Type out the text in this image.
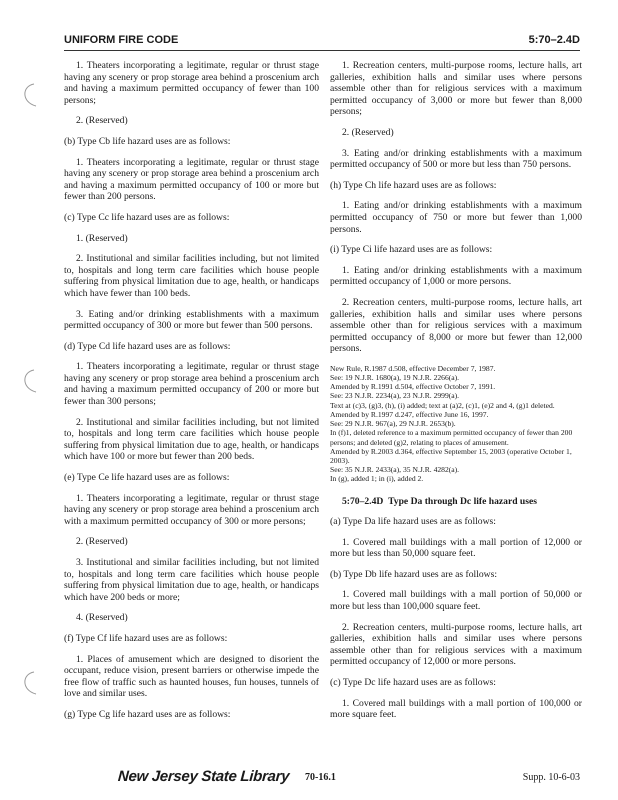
UNIFORM FIRE CODE	5:70–2.4D

1. Theaters incorporating a legitimate, regular or thrust stage having any scenery or prop storage area behind a proscenium arch and having a maximum permitted occupancy of fewer than 100 persons;

2. (Reserved)

(b) Type Cb life hazard uses are as follows:

1. Theaters incorporating a legitimate, regular or thrust stage having any scenery or prop storage area behind a proscenium arch and having a maximum permitted occupancy of 100 or more but fewer than 200 persons.

(c) Type Cc life hazard uses are as follows:

1. (Reserved)

2. Institutional and similar facilities including, but not limited to, hospitals and long term care facilities which house people suffering from physical limitation due to age, health, or handicaps which have fewer than 100 beds.

3. Eating and/or drinking establishments with a maximum permitted occupancy of 300 or more but fewer than 500 persons.

(d) Type Cd life hazard uses are as follows:

1. Theaters incorporating a legitimate, regular or thrust stage having any scenery or prop storage area behind a proscenium arch and having a maximum permitted occupancy of 200 or more but fewer than 300 persons;

2. Institutional and similar facilities including, but not limited to, hospitals and long term care facilities which house people suffering from physical limitation due to age, health, or handicaps which have 100 or more but fewer than 200 beds.

(e) Type Ce life hazard uses are as follows:

1. Theaters incorporating a legitimate, regular or thrust stage having any scenery or prop storage area behind a proscenium arch with a maximum permitted occupancy of 300 or more persons;

2. (Reserved)

3. Institutional and similar facilities including, but not limited to, hospitals and long term care facilities which house people suffering from physical limitation due to age, health, or handicaps which have 200 beds or more;

4. (Reserved)

(f) Type Cf life hazard uses are as follows:

1. Places of amusement which are designed to disorient the occupant, reduce vision, present barriers or otherwise impede the free flow of traffic such as haunted houses, fun houses, tunnels of love and similar uses.

(g) Type Cg life hazard uses are as follows:

1. Recreation centers, multi-purpose rooms, lecture halls, art galleries, exhibition halls and similar uses where persons assemble other than for religious services with a maximum permitted occupancy of 3,000 or more but fewer than 8,000 persons;

2. (Reserved)

3. Eating and/or drinking establishments with a maximum permitted occupancy of 500 or more but less than 750 persons.

(h) Type Ch life hazard uses are as follows:

1. Eating and/or drinking establishments with a maximum permitted occupancy of 750 or more but fewer than 1,000 persons.

(i) Type Ci life hazard uses are as follows:

1. Eating and/or drinking establishments with a maximum permitted occupancy of 1,000 or more persons.

2. Recreation centers, multi-purpose rooms, lecture halls, art galleries, exhibition halls and similar uses where persons assemble other than for religious services with a maximum permitted occupancy of 8,000 or more but fewer than 12,000 persons.

New Rule, R.1987 d.508, effective December 7, 1987.
See: 19 N.J.R. 1680(a), 19 N.J.R. 2266(a).
Amended by R.1991 d.504, effective October 7, 1991.
See: 23 N.J.R. 2234(a), 23 N.J.R. 2999(a).
Text at (c)3, (g)3, (h), (i) added; text at (a)2, (c)1, (e)2 and 4, (g)1 deleted.
Amended by R.1997 d.247, effective June 16, 1997.
See: 29 N.J.R. 967(a), 29 N.J.R. 2653(b).
In (f)1, deleted reference to a maximum permitted occupancy of fewer than 200 persons; and deleted (g)2, relating to places of amusement.
Amended by R.2003 d.364, effective September 15, 2003 (operative October 1, 2003).
See: 35 N.J.R. 2433(a), 35 N.J.R. 4282(a).
In (g), added 1; in (i), added 2.

5:70–2.4D Type Da through Dc life hazard uses

(a) Type Da life hazard uses are as follows:

1. Covered mall buildings with a mall portion of 12,000 or more but less than 50,000 square feet.

(b) Type Db life hazard uses are as follows:

1. Covered mall buildings with a mall portion of 50,000 or more but less than 100,000 square feet.

2. Recreation centers, multi-purpose rooms, lecture halls, art galleries, exhibition halls and similar uses where persons assemble other than for religious services with a maximum permitted occupancy of 12,000 or more persons.

(c) Type Dc life hazard uses are as follows:

1. Covered mall buildings with a mall portion of 100,000 or more square feet.

New Jersey State Library 70-16.1	Supp. 10-6-03
